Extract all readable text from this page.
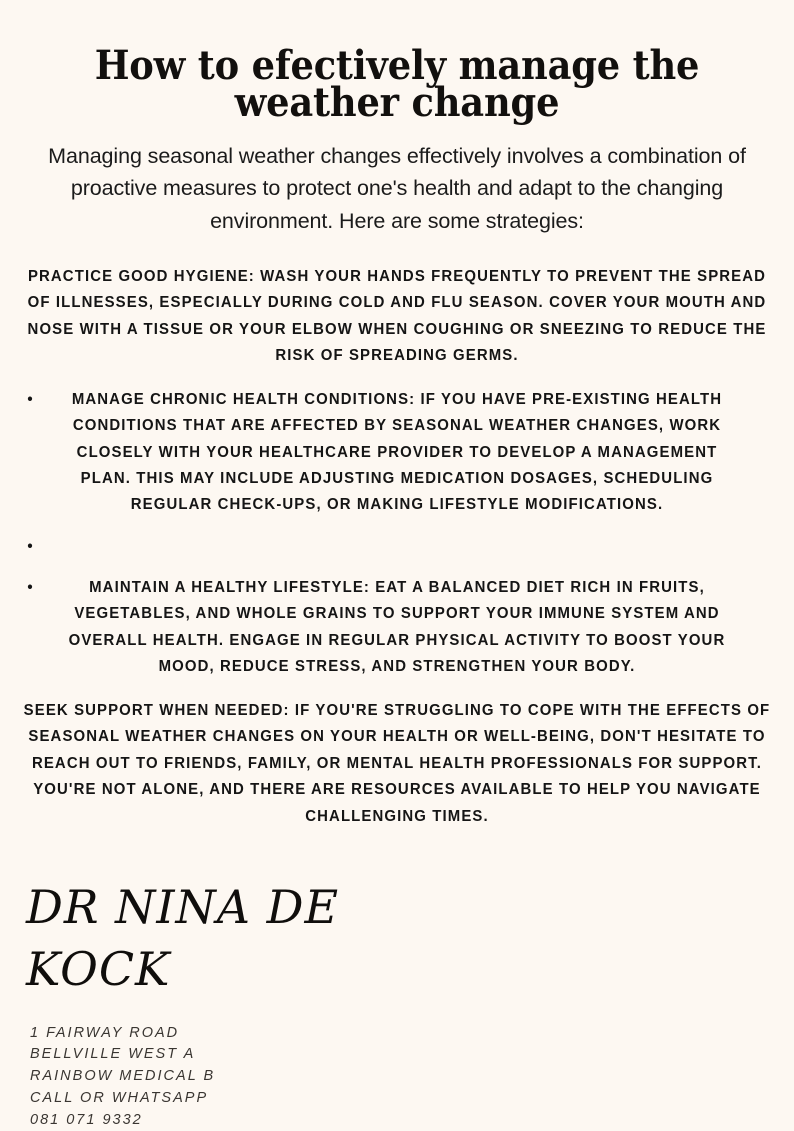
How to efectively manage the weather change

Managing seasonal weather changes effectively involves a combination of proactive measures to protect one's health and adapt to the changing environment. Here are some strategies:

PRACTICE GOOD HYGIENE: WASH YOUR HANDS FREQUENTLY TO PREVENT THE SPREAD OF ILLNESSES, ESPECIALLY DURING COLD AND FLU SEASON. COVER YOUR MOUTH AND NOSE WITH A TISSUE OR YOUR ELBOW WHEN COUGHING OR SNEEZING TO REDUCE THE RISK OF SPREADING GERMS.
•	MANAGE CHRONIC HEALTH CONDITIONS: IF YOU HAVE PRE-EXISTING HEALTH CONDITIONS THAT ARE AFFECTED BY SEASONAL WEATHER CHANGES, WORK CLOSELY WITH YOUR HEALTHCARE PROVIDER TO DEVELOP A MANAGEMENT PLAN. THIS MAY INCLUDE ADJUSTING MEDICATION DOSAGES, SCHEDULING REGULAR CHECK-UPS, OR MAKING LIFESTYLE MODIFICATIONS.
•
•	MAINTAIN A HEALTHY LIFESTYLE: EAT A BALANCED DIET RICH IN FRUITS, VEGETABLES, AND WHOLE GRAINS TO SUPPORT YOUR IMMUNE SYSTEM AND OVERALL HEALTH. ENGAGE IN REGULAR PHYSICAL ACTIVITY TO BOOST YOUR MOOD, REDUCE STRESS, AND STRENGTHEN YOUR BODY.
SEEK SUPPORT WHEN NEEDED: IF YOU'RE STRUGGLING TO COPE WITH THE EFFECTS OF SEASONAL WEATHER CHANGES ON YOUR HEALTH OR WELL-BEING, DON'T HESITATE TO REACH OUT TO FRIENDS, FAMILY, OR MENTAL HEALTH PROFESSIONALS FOR SUPPORT. YOU'RE NOT ALONE, AND THERE ARE RESOURCES AVAILABLE TO HELP YOU NAVIGATE CHALLENGING TIMES.
DR NINA DE KOCK
1 FAIRWAY ROAD
BELLVILLE WEST A
RAINBOW MEDICAL B
CALL OR WHATSAPP
081 071 9332
